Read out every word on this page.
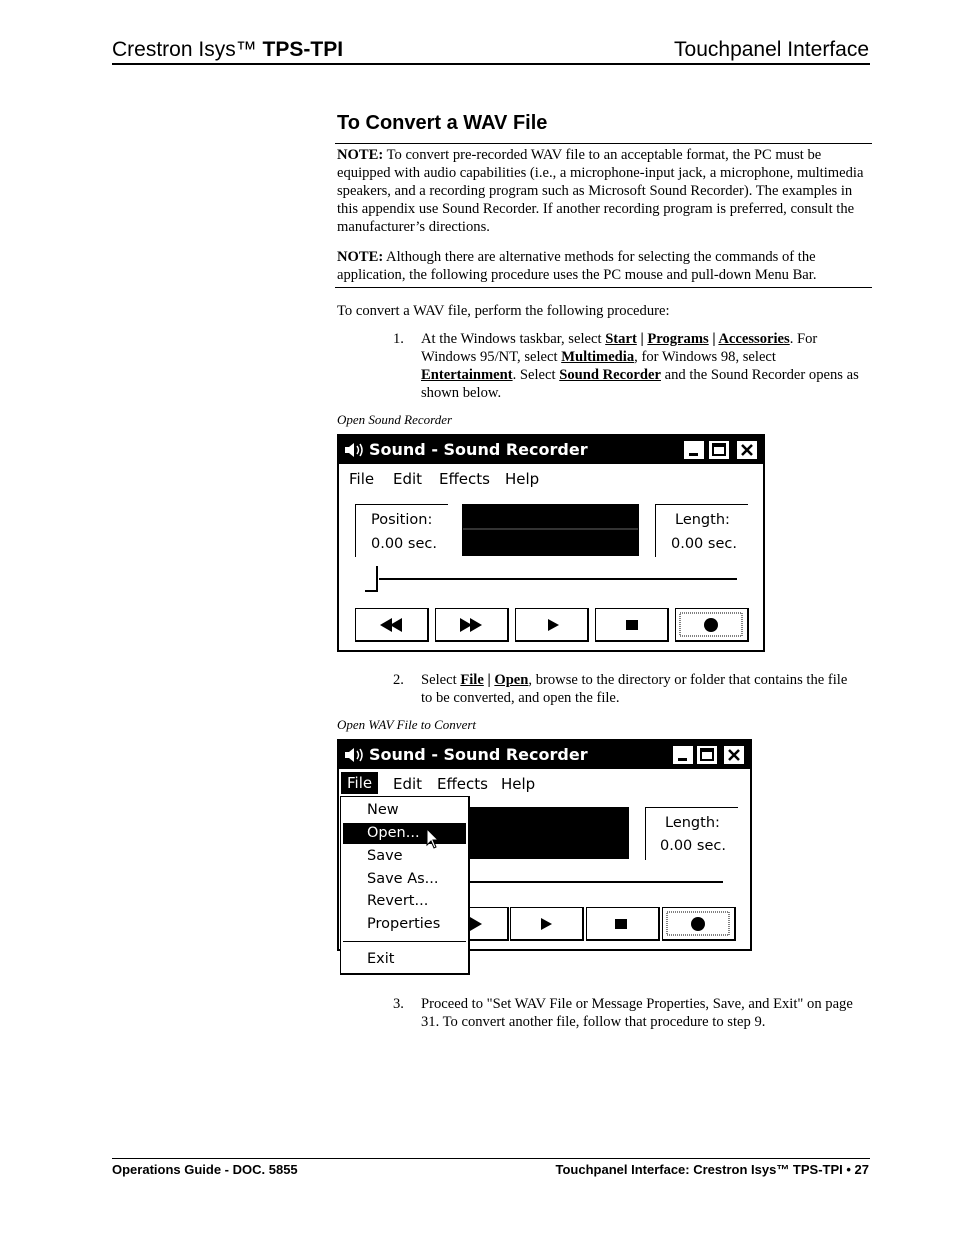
Crestron Isys™ TPS-TPI	Touchpanel Interface
To Convert a WAV File
NOTE: To convert pre-recorded WAV file to an acceptable format, the PC must be equipped with audio capabilities (i.e., a microphone-input jack, a microphone, multimedia speakers, and a recording program such as Microsoft Sound Recorder). The examples in this appendix use Sound Recorder. If another recording program is preferred, consult the manufacturer’s directions.
NOTE: Although there are alternative methods for selecting the commands of the application, the following procedure uses the PC mouse and pull-down Menu Bar.
To convert a WAV file, perform the following procedure:
1. At the Windows taskbar, select Start | Programs | Accessories. For Windows 95/NT, select Multimedia, for Windows 98, select Entertainment. Select Sound Recorder and the Sound Recorder opens as shown below.
Open Sound Recorder
Sound - Sound Recorder
File Edit Effects Help
Position:
0.00 sec.
Length:
0.00 sec.
2. Select File | Open, browse to the directory or folder that contains the file to be converted, and open the file.
Open WAV File to Convert
Sound - Sound Recorder
File	Edit Effects Help
Length:
0.00 sec.
New
Open...
Save
Save As...
Revert...
Properties
Exit
3. Proceed to "Set WAV File or Message Properties, Save, and Exit" on page 31. To convert another file, follow that procedure to step 9.
Operations Guide - DOC. 5855	Touchpanel Interface: Crestron Isys™ TPS-TPI • 27
